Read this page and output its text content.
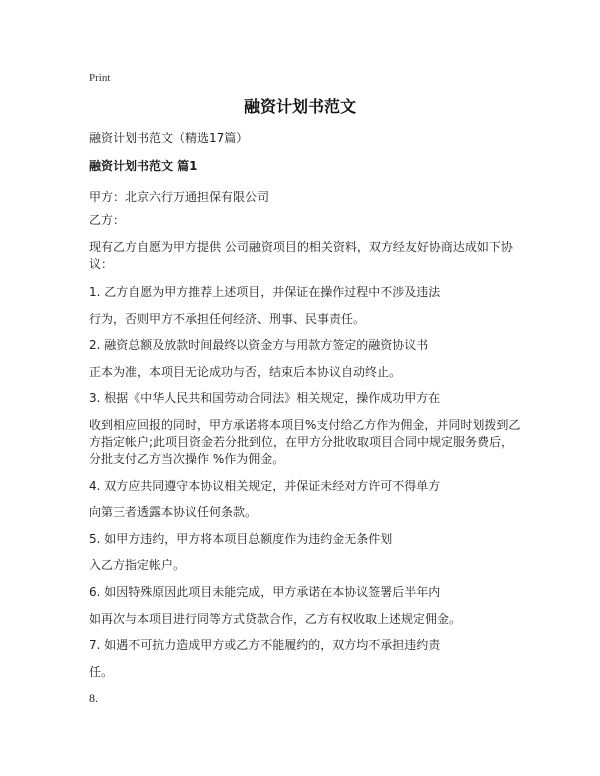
Print
融资计划书范文
融资计划书范文（精选17篇）
融资计划书范文 篇1
甲方：北京六行万通担保有限公司
乙方：
现有乙方自愿为甲方提供 公司融资项目的相关资料，双方经友好协商达成如下协
议：
1. 乙方自愿为甲方推荐上述项目，并保证在操作过程中不涉及违法
行为，否则甲方不承担任何经济、刑事、民事责任。
2. 融资总额及放款时间最终以资金方与用款方签定的融资协议书
正本为准，本项目无论成功与否，结束后本协议自动终止。
3. 根据《中华人民共和国劳动合同法》相关规定，操作成功甲方在
收到相应回报的同时，甲方承诺将本项目%支付给乙方作为佣金，并同时划拨到乙
方指定帐户;此项目资金若分批到位，在甲方分批收取项目合同中规定服务费后，
分批支付乙方当次操作 %作为佣金。
4. 双方应共同遵守本协议相关规定，并保证未经对方许可不得单方
向第三者透露本协议任何条款。
5. 如甲方违约，甲方将本项目总额度作为违约金无条件划
入乙方指定帐户。
6. 如因特殊原因此项目未能完成，甲方承诺在本协议签署后半年内
如再次与本项目进行同等方式贷款合作，乙方有权收取上述规定佣金。
7. 如遇不可抗力造成甲方或乙方不能履约的，双方均不承担违约责
任。
8.
